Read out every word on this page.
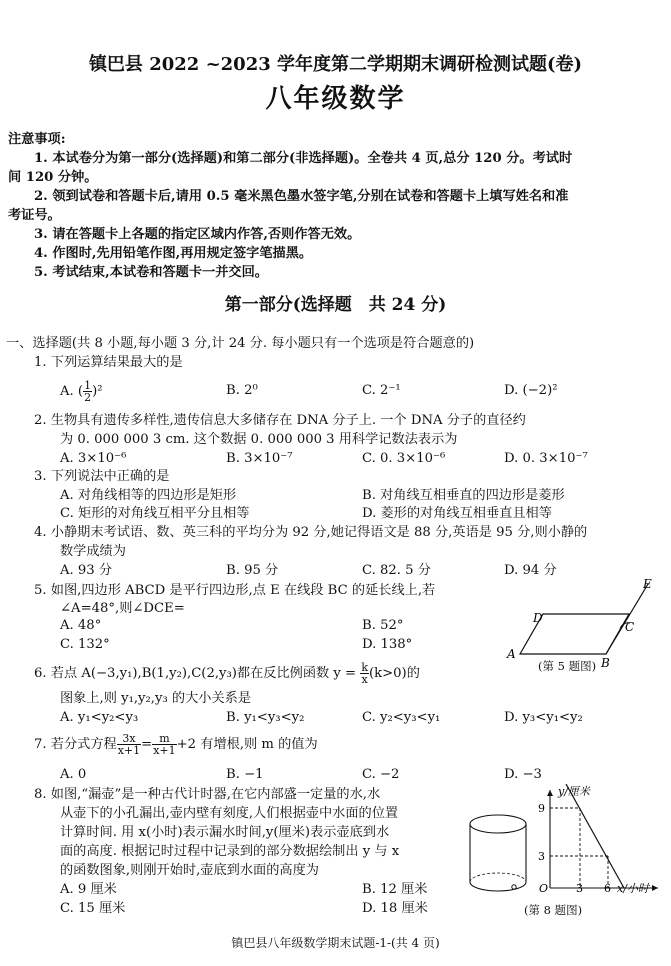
镇巴县 2022 ~2023 学年度第二学期期末调研检测试题(卷)
八年级数学
注意事项:
1. 本试卷分为第一部分(选择题)和第二部分(非选择题)。全卷共 4 页,总分 120 分。考试时
间 120 分钟。
2. 领到试卷和答题卡后,请用 0.5 毫米黑色墨水签字笔,分别在试卷和答题卡上填写姓名和准
考证号。
3. 请在答题卡上各题的指定区域内作答,否则作答无效。
4. 作图时,先用铅笔作图,再用规定签字笔描黑。
5. 考试结束,本试卷和答题卡一并交回。
第一部分(选择题　共 24 分)
一、选择题(共 8 小题,每小题 3 分,计 24 分. 每小题只有一个选项是符合题意的)
1. 下列运算结果最大的是
A. ( $\frac{1}{2} )^2$	B. 2⁰	C. 2⁻¹	D. (−2)²
2. 生物具有遗传多样性,遗传信息大多储存在 DNA 分子上. 一个 DNA 分子的直径约
为 0. 000 000 3 cm. 这个数据 0. 000 000 3 用科学记数法表示为
A. 3×10⁻⁶	B. 3×10⁻⁷	C. 0. 3×10⁻⁶	D. 0. 3×10⁻⁷
3. 下列说法中正确的是
A. 对角线相等的四边形是矩形	B. 对角线互相垂直的四边形是菱形
C. 矩形的对角线互相平分且相等	D. 菱形的对角线互相垂直且相等
4. 小静期末考试语、数、英三科的平均分为 92 分,她记得语文是 88 分,英语是 95 分,则小静的
数学成绩为
A. 93 分	B. 95 分	C. 82. 5 分	D. 94 分
5. 如图,四边形 ABCD 是平行四边形,点 E 在线段 BC 的延长线上,若
∠A=48°,则∠DCE=
A. 48°	B. 52°
C. 132°	D. 138°
A
B
C
D
E
(第 5 题图)
6. 若点 A(−3,y₁),B(1,y₂),C(2,y₃)都在反比例函数 $y = \frac{k}{x} (k>0)$的
图象上,则 y₁,y₂,y₃ 的大小关系是
A. y₁<y₂<y₃	B. y₁<y₃<y₂	C. y₂<y₃<y₁	D. y₃<y₁<y₂
7. 若分式方程 $\frac{3x}{x+1} = \frac{m}{x+1} +2$ 有增根,则 m 的值为
A. 0	B. −1	C. −2	D. −3
8. 如图,“漏壶”是一种古代计时器,在它内部盛一定量的水,水
从壶下的小孔漏出,壶内壁有刻度,人们根据壶中水面的位置
计算时间. 用 x(小时)表示漏水时间,y(厘米)表示壶底到水
面的高度. 根据记时过程中记录到的部分数据绘制出 y 与 x
的函数图象,则刚开始时,壶底到水面的高度为
A. 9 厘米	B. 12 厘米
C. 15 厘米	D. 18 厘米
y/厘米
9
3
O	3 6 x/小时
(第 8 题图)
镇巴县八年级数学期末试题-1-(共 4 页)
